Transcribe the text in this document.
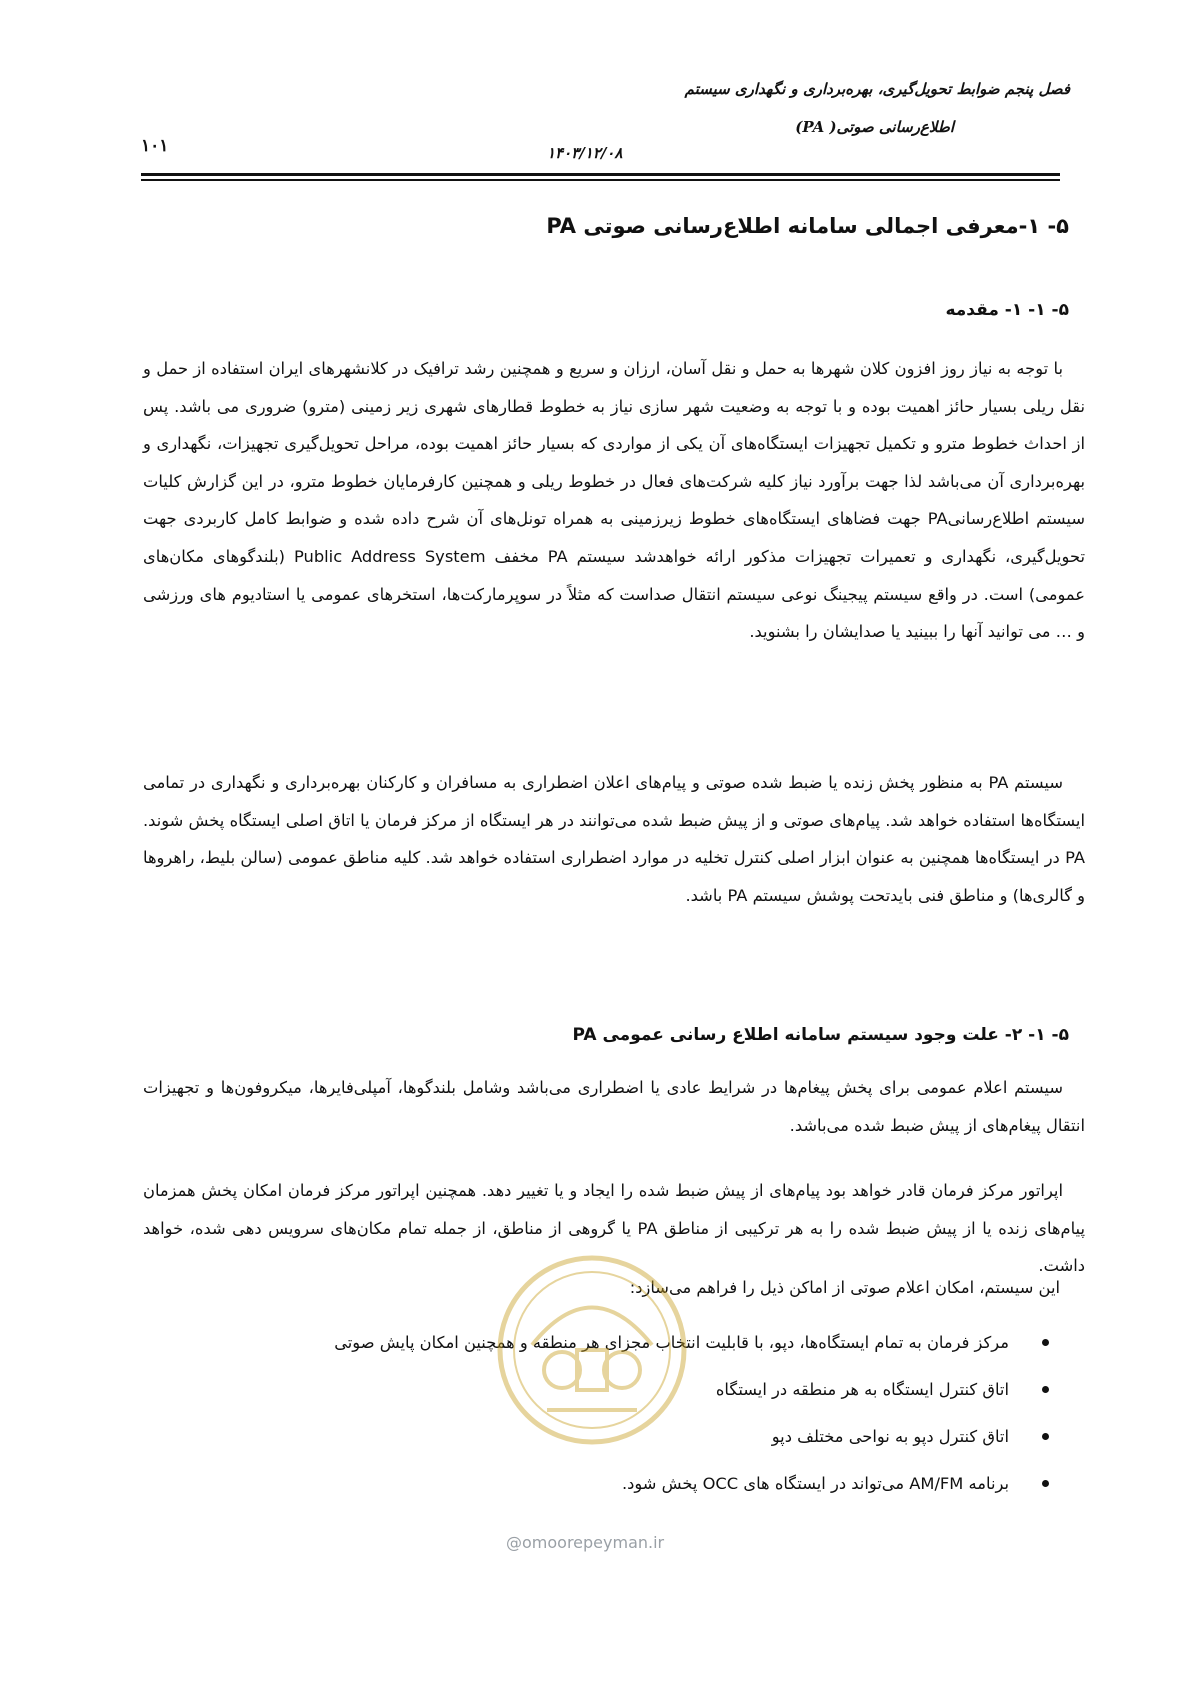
فصل پنجم ضوابط تحویل‌گیری، بهره‌برداری و نگهداری سیستم
اطلاع‌رسانی صوتی( PA)
۱۴۰۳/۱۲/۰۸
۱۰۱
۵- ۱-معرفی اجمالی سامانه اطلاع‌رسانی صوتی PA
۵- ۱- ۱- مقدمه

با توجه به نیاز روز افزون کلان شهرها به حمل و نقل آسان، ارزان و سریع و همچنین رشد ترافیک در کلانشهرهای ایران استفاده از حمل و نقل ریلی بسیار حائز اهمیت بوده و با توجه به وضعیت شهر سازی نیاز به خطوط قطارهای شهری زیر زمینی (مترو) ضروری می باشد. پس از احداث خطوط مترو و تکمیل تجهیزات ایستگاه‌های آن یکی از مواردی که بسیار حائز اهمیت بوده، مراحل تحویل‌گیری تجهیزات، نگهداری و بهره‌برداری آن می‌باشد لذا جهت برآورد نیاز کلیه شرکت‌های فعال در خطوط ریلی و همچنین کارفرمایان خطوط مترو، در این گزارش کلیات سیستم اطلاع‌رسانیPA جهت فضاهای ایستگاه‌های خطوط زیرزمینی به همراه تونل‌های آن شرح داده شده و ضوابط کامل کاربردی جهت تحویل‌گیری، نگهداری و تعمیرات تجهیزات مذکور ارائه خواهدشد سیستم PA مخفف Public Address System (بلندگوهای مکان‌های عمومی) است. در واقع سیستم پیجینگ نوعی سیستم انتقال صداست که مثلاً در سوپرمارکت‌ها، استخرهای عمومی یا استادیوم های ورزشی و … می توانید آنها را ببینید یا صدایشان را بشنوید.

سیستم PA به منظور پخش زنده یا ضبط شده صوتی و پیام‌های اعلان اضطراری به مسافران و کارکنان بهره‌برداری و نگهداری در تمامی ایستگاه‌ها استفاده خواهد شد. پیام‌های صوتی و از پیش ضبط شده می‌توانند در هر ایستگاه از مرکز فرمان یا اتاق اصلی ایستگاه پخش شوند. PA در ایستگاه‌ها همچنین به عنوان ابزار اصلی کنترل تخلیه در موارد اضطراری استفاده خواهد شد. کلیه مناطق عمومی (سالن بلیط، راهروها و گالری‌ها) و مناطق فنی بایدتحت پوشش سیستم PA باشد.

۵- ۱- ۲- علت وجود سیستم سامانه اطلاع رسانی عمومی PA

سیستم اعلام عمومی برای پخش پیغام‌ها در شرایط عادی یا اضطراری می‌باشد وشامل بلندگوها، آمپلی‌فایرها، میکروفون‌ها و تجهیزات انتقال پیغام‌های از پیش ضبط شده می‌باشد.

اپراتور مرکز فرمان قادر خواهد بود پیام‌های از پیش ضبط شده را ایجاد و یا تغییر دهد. همچنین اپراتور مرکز فرمان امکان پخش همزمان پیام‌های زنده یا از پیش ضبط شده را به هر ترکیبی از مناطق PA یا گروهی از مناطق، از جمله تمام مکان‌های سرویس دهی شده، خواهد داشت.

این سیستم، امکان اعلام صوتی از اماکن ذیل را فراهم می‌سازد:

مرکز فرمان به تمام ایستگاه‌ها، دپو، با قابلیت انتخاب مجزای هر منطقه و همچنین امکان پایش صوتی
اتاق کنترل ایستگاه به هر منطقه در ایستگاه
اتاق کنترل دپو به نواحی مختلف دپو
برنامه AM/FM می‌تواند در ایستگاه های OCC پخش شود.
@omoorepeyman.ir
